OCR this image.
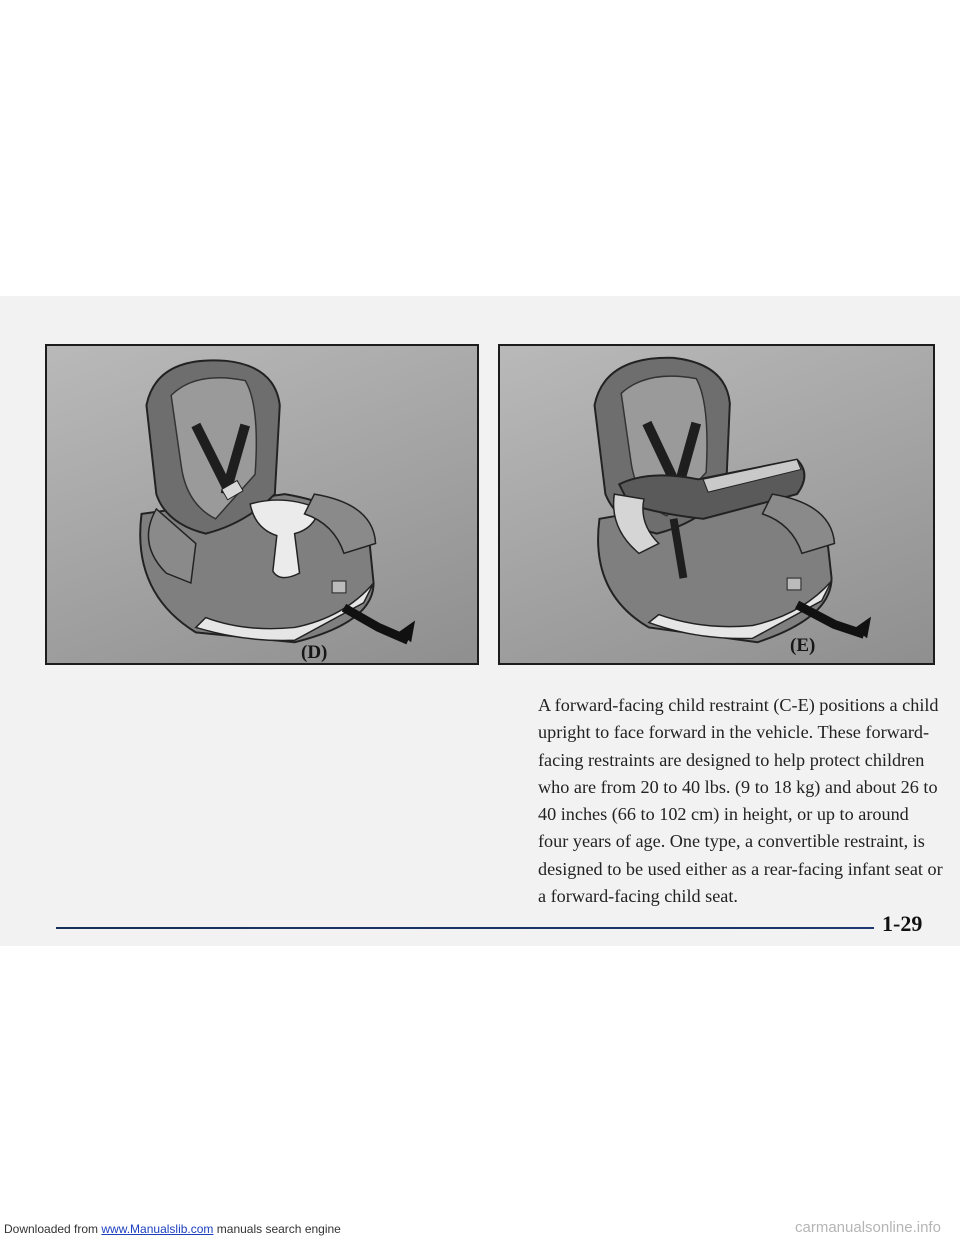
(D)	(E)

A forward-facing child restraint (C-E) positions a child upright to face forward in the vehicle. These forward-facing restraints are designed to help protect children who are from 20 to 40 lbs. (9 to 18 kg) and about 26 to 40 inches (66 to 102 cm) in height, or up to around four years of age. One type, a convertible restraint, is designed to be used either as a rear-facing infant seat or a forward-facing child seat.

1-29
Downloaded from www.Manualslib.com manuals search engine	carmanualsonline.info
